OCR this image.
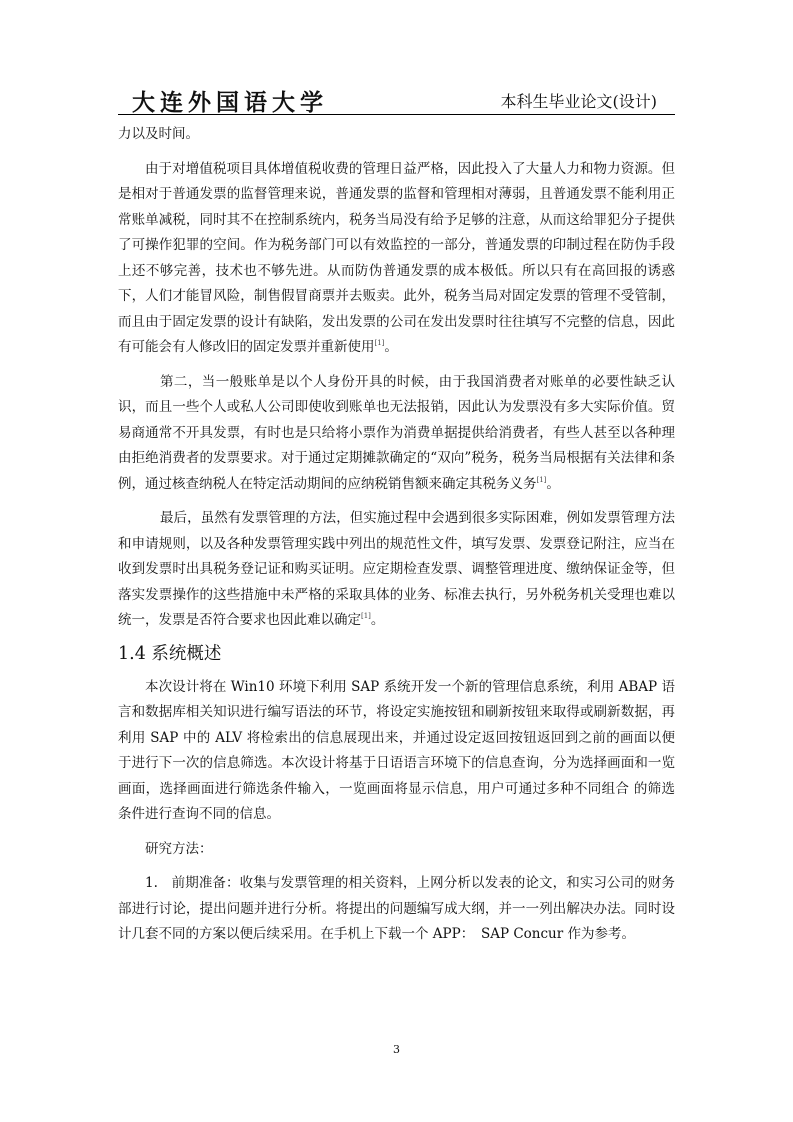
大连外国语大学	本科生毕业论文(设计)

力以及时间。

由于对增值税项目具体增值税收费的管理日益严格，因此投入了大量人力和物力资源。但是相对于普通发票的监督管理来说，普通发票的监督和管理相对薄弱，且普通发票不能利用正常账单减税，同时其不在控制系统内，税务当局没有给予足够的注意，从而这给罪犯分子提供了可操作犯罪的空间。作为税务部门可以有效监控的一部分，普通发票的印制过程在防伪手段上还不够完善，技术也不够先进。从而防伪普通发票的成本极低。所以只有在高回报的诱惑下，人们才能冒风险，制售假冒商票并去贩卖。此外，税务当局对固定发票的管理不受管制，而且由于固定发票的设计有缺陷，发出发票的公司在发出发票时往往填写不完整的信息，因此有可能会有人修改旧的固定发票并重新使用[1]。

第二，当一般账单是以个人身份开具的时候，由于我国消费者对账单的必要性缺乏认识，而且一些个人或私人公司即使收到账单也无法报销，因此认为发票没有多大实际价值。贸易商通常不开具发票，有时也是只给将小票作为消费单据提供给消费者，有些人甚至以各种理由拒绝消费者的发票要求。对于通过定期摊款确定的“双向”税务，税务当局根据有关法律和条例，通过核查纳税人在特定活动期间的应纳税销售额来确定其税务义务[1]。

最后，虽然有发票管理的方法，但实施过程中会遇到很多实际困难，例如发票管理方法和申请规则，以及各种发票管理实践中列出的规范性文件，填写发票、发票登记附注，应当在收到发票时出具税务登记证和购买证明。应定期检查发票、调整管理进度、缴纳保证金等，但落实发票操作的这些措施中未严格的采取具体的业务、标准去执行，另外税务机关受理也难以统一，发票是否符合要求也因此难以确定[1]。

1.4 系统概述

本次设计将在 Win10 环境下利用 SAP 系统开发一个新的管理信息系统，利用 ABAP 语言和数据库相关知识进行编写语法的环节，将设定实施按钮和刷新按钮来取得或刷新数据，再利用 SAP 中的 ALV 将检索出的信息展现出来，并通过设定返回按钮返回到之前的画面以便于进行下一次的信息筛选。本次设计将基于日语语言环境下的信息查询，分为选择画面和一览画面，选择画面进行筛选条件输入，一览画面将显示信息，用户可通过多种不同组合 的筛选条件进行查询不同的信息。

研究方法：

1.　前期准备：收集与发票管理的相关资料，上网分析以发表的论文，和实习公司的财务部进行讨论，提出问题并进行分析。将提出的问题编写成大纲，并一一列出解决办法。同时设计几套不同的方案以便后续采用。在手机上下载一个 APP：　SAP Concur 作为参考。

3
